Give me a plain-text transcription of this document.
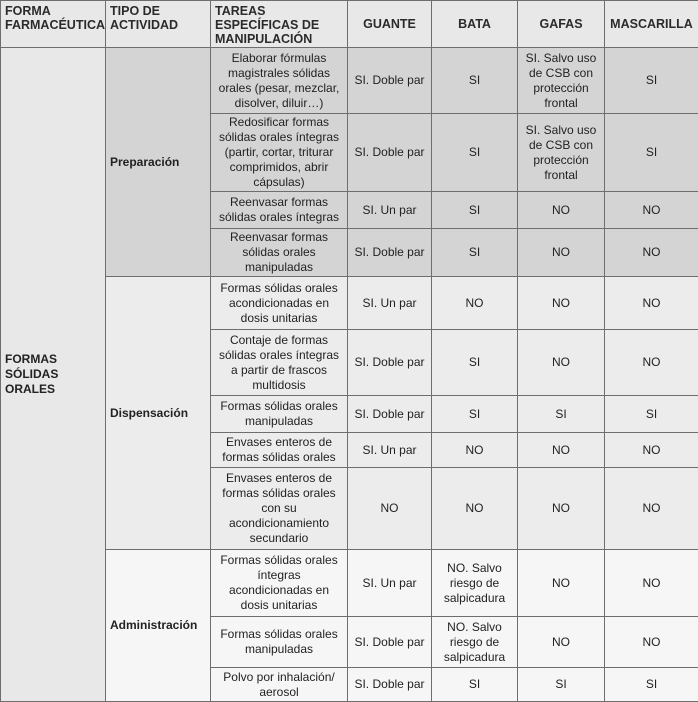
FORMA FARMACÉUTICA	TIPO DE ACTIVIDAD	TAREAS ESPECÍFICAS DE MANIPULACIÓN	GUANTE	BATA	GAFAS	MASCARILLA
FORMAS SÓLIDAS ORALES	Preparación	Elaborar fórmulas magistrales sólidas orales (pesar, mezclar, disolver, diluir…)	SI. Doble par	SI	SI. Salvo uso de CSB con protección frontal	SI
		Redosificar formas sólidas orales íntegras (partir, cortar, triturar comprimidos, abrir cápsulas)	SI. Doble par	SI	SI. Salvo uso de CSB con protección frontal	SI
		Reenvasar formas sólidas orales íntegras	SI. Un par	SI	NO	NO
		Reenvasar formas sólidas orales manipuladas	SI. Doble par	SI	NO	NO
	Dispensación	Formas sólidas orales acondicionadas en dosis unitarias	SI. Un par	NO	NO	NO
		Contaje de formas sólidas orales íntegras a partir de frascos multidosis	SI. Doble par	SI	NO	NO
		Formas sólidas orales manipuladas	SI. Doble par	SI	SI	SI
		Envases enteros de formas sólidas orales	SI. Un par	NO	NO	NO
		Envases enteros de formas sólidas orales con su acondicionamiento secundario	NO	NO	NO	NO
	Administración	Formas sólidas orales íntegras acondicionadas en dosis unitarias	SI. Un par	NO. Salvo riesgo de salpicadura	NO	NO
		Formas sólidas orales manipuladas	SI. Doble par	NO. Salvo riesgo de salpicadura	NO	NO
		Polvo por inhalación/ aerosol	SI. Doble par	SI	SI	SI
